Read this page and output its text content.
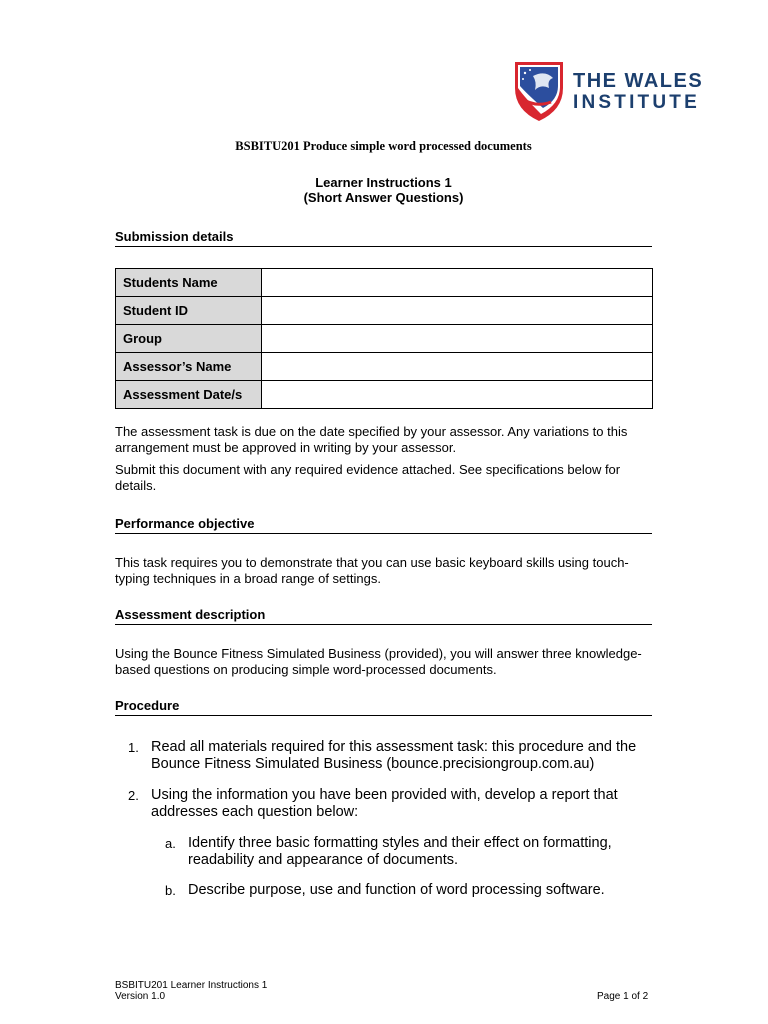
THE WALES
INSTITUTE
BSBITU201 Produce simple word processed documents
Learner Instructions 1
(Short Answer Questions)
Submission details
Students Name	
Student ID	
Group	
Assessor’s Name	
Assessment Date/s	
The assessment task is due on the date specified by your assessor. Any variations to this arrangement must be approved in writing by your assessor.
Submit this document with any required evidence attached. See specifications below for details.
Performance objective
This task requires you to demonstrate that you can use basic keyboard skills using touch-typing techniques in a broad range of settings.
Assessment description
Using the Bounce Fitness Simulated Business (provided), you will answer three knowledge-based questions on producing simple word-processed documents.
Procedure
1. Read all materials required for this assessment task: this procedure and the Bounce Fitness Simulated Business (bounce.precisiongroup.com.au)
2. Using the information you have been provided with, develop a report that addresses each question below:
a. Identify three basic formatting styles and their effect on formatting, readability and appearance of documents.
b. Describe purpose, use and function of word processing software.
BSBITU201 Learner Instructions 1
Version 1.0	Page 1 of 2
